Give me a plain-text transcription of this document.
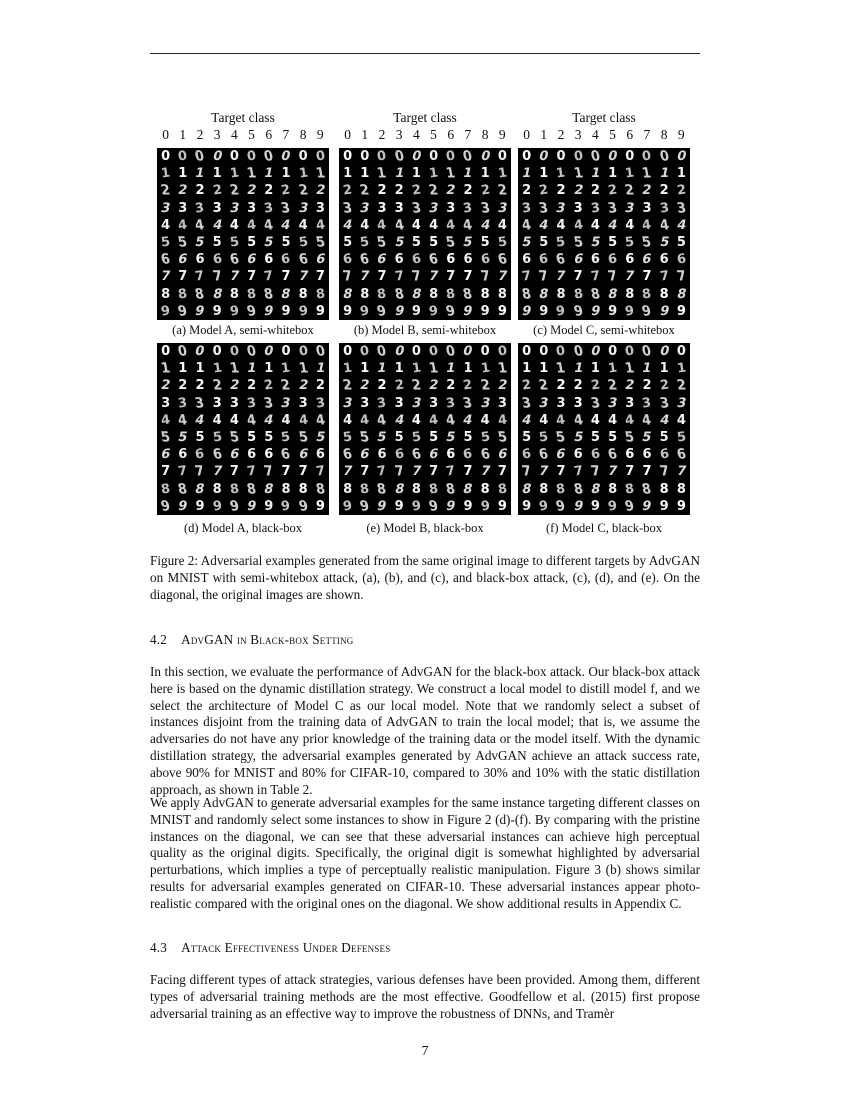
Target class
0 1 2 3 4 5 6 7 8 9
0 0 0 0 0 0 0 0 0 0
1 1 1 1 1 1 1 1 1 1
2 2 2 2 2 2 2 2 2 2
3 3 3 3 3 3 3 3 3 3
4 4 4 4 4 4 4 4 4 4
5 5 5 5 5 5 5 5 5 5
6 6 6 6 6 6 6 6 6 6
7 7 7 7 7 7 7 7 7 7
8 8 8 8 8 8 8 8 8 8
9 9 9 9 9 9 9 9 9 9
(a) Model A, semi-whitebox
Target class
0 1 2 3 4 5 6 7 8 9
0 0 0 0 0 0 0 0 0 0
1 1 1 1 1 1 1 1 1 1
2 2 2 2 2 2 2 2 2 2
3 3 3 3 3 3 3 3 3 3
4 4 4 4 4 4 4 4 4 4
5 5 5 5 5 5 5 5 5 5
6 6 6 6 6 6 6 6 6 6
7 7 7 7 7 7 7 7 7 7
8 8 8 8 8 8 8 8 8 8
9 9 9 9 9 9 9 9 9 9
(b) Model B, semi-whitebox
Target class
0 1 2 3 4 5 6 7 8 9
0 0 0 0 0 0 0 0 0 0
1 1 1 1 1 1 1 1 1 1
2 2 2 2 2 2 2 2 2 2
3 3 3 3 3 3 3 3 3 3
4 4 4 4 4 4 4 4 4 4
5 5 5 5 5 5 5 5 5 5
6 6 6 6 6 6 6 6 6 6
7 7 7 7 7 7 7 7 7 7
8 8 8 8 8 8 8 8 8 8
9 9 9 9 9 9 9 9 9 9
(c) Model C, semi-whitebox
0 0 0 0 0 0 0 0 0 0
1 1 1 1 1 1 1 1 1 1
2 2 2 2 2 2 2 2 2 2
3 3 3 3 3 3 3 3 3 3
4 4 4 4 4 4 4 4 4 4
5 5 5 5 5 5 5 5 5 5
6 6 6 6 6 6 6 6 6 6
7 7 7 7 7 7 7 7 7 7
8 8 8 8 8 8 8 8 8 8
9 9 9 9 9 9 9 9 9 9
(d) Model A, black-box
0 0 0 0 0 0 0 0 0 0
1 1 1 1 1 1 1 1 1 1
2 2 2 2 2 2 2 2 2 2
3 3 3 3 3 3 3 3 3 3
4 4 4 4 4 4 4 4 4 4
5 5 5 5 5 5 5 5 5 5
6 6 6 6 6 6 6 6 6 6
7 7 7 7 7 7 7 7 7 7
8 8 8 8 8 8 8 8 8 8
9 9 9 9 9 9 9 9 9 9
(e) Model B, black-box
0 0 0 0 0 0 0 0 0 0
1 1 1 1 1 1 1 1 1 1
2 2 2 2 2 2 2 2 2 2
3 3 3 3 3 3 3 3 3 3
4 4 4 4 4 4 4 4 4 4
5 5 5 5 5 5 5 5 5 5
6 6 6 6 6 6 6 6 6 6
7 7 7 7 7 7 7 7 7 7
8 8 8 8 8 8 8 8 8 8
9 9 9 9 9 9 9 9 9 9
(f) Model C, black-box
Figure 2: Adversarial examples generated from the same original image to different targets by AdvGAN on MNIST with semi-whitebox attack, (a), (b), and (c), and black-box attack, (c), (d), and (e). On the diagonal, the original images are shown.
4.2 AdvGAN in Black-box Setting

In this section, we evaluate the performance of AdvGAN for the black-box attack. Our black-box attack here is based on the dynamic distillation strategy. We construct a local model to distill model f, and we select the architecture of Model C as our local model. Note that we randomly select a subset of instances disjoint from the training data of AdvGAN to train the local model; that is, we assume the adversaries do not have any prior knowledge of the training data or the model itself. With the dynamic distillation strategy, the adversarial examples generated by AdvGAN achieve an attack success rate, above 90% for MNIST and 80% for CIFAR-10, compared to 30% and 10% with the static distillation approach, as shown in Table 2.

We apply AdvGAN to generate adversarial examples for the same instance targeting different classes on MNIST and randomly select some instances to show in Figure 2 (d)-(f). By comparing with the pristine instances on the diagonal, we can see that these adversarial instances can achieve high perceptual quality as the original digits. Specifically, the original digit is somewhat highlighted by adversarial perturbations, which implies a type of perceptually realistic manipulation. Figure 3 (b) shows similar results for adversarial examples generated on CIFAR-10. These adversarial instances appear photo-realistic compared with the original ones on the diagonal. We show additional results in Appendix C.

4.3 Attack Effectiveness Under Defenses

Facing different types of attack strategies, various defenses have been provided. Among them, different types of adversarial training methods are the most effective. Goodfellow et al. (2015) first propose adversarial training as an effective way to improve the robustness of DNNs, and Tramèr

7
